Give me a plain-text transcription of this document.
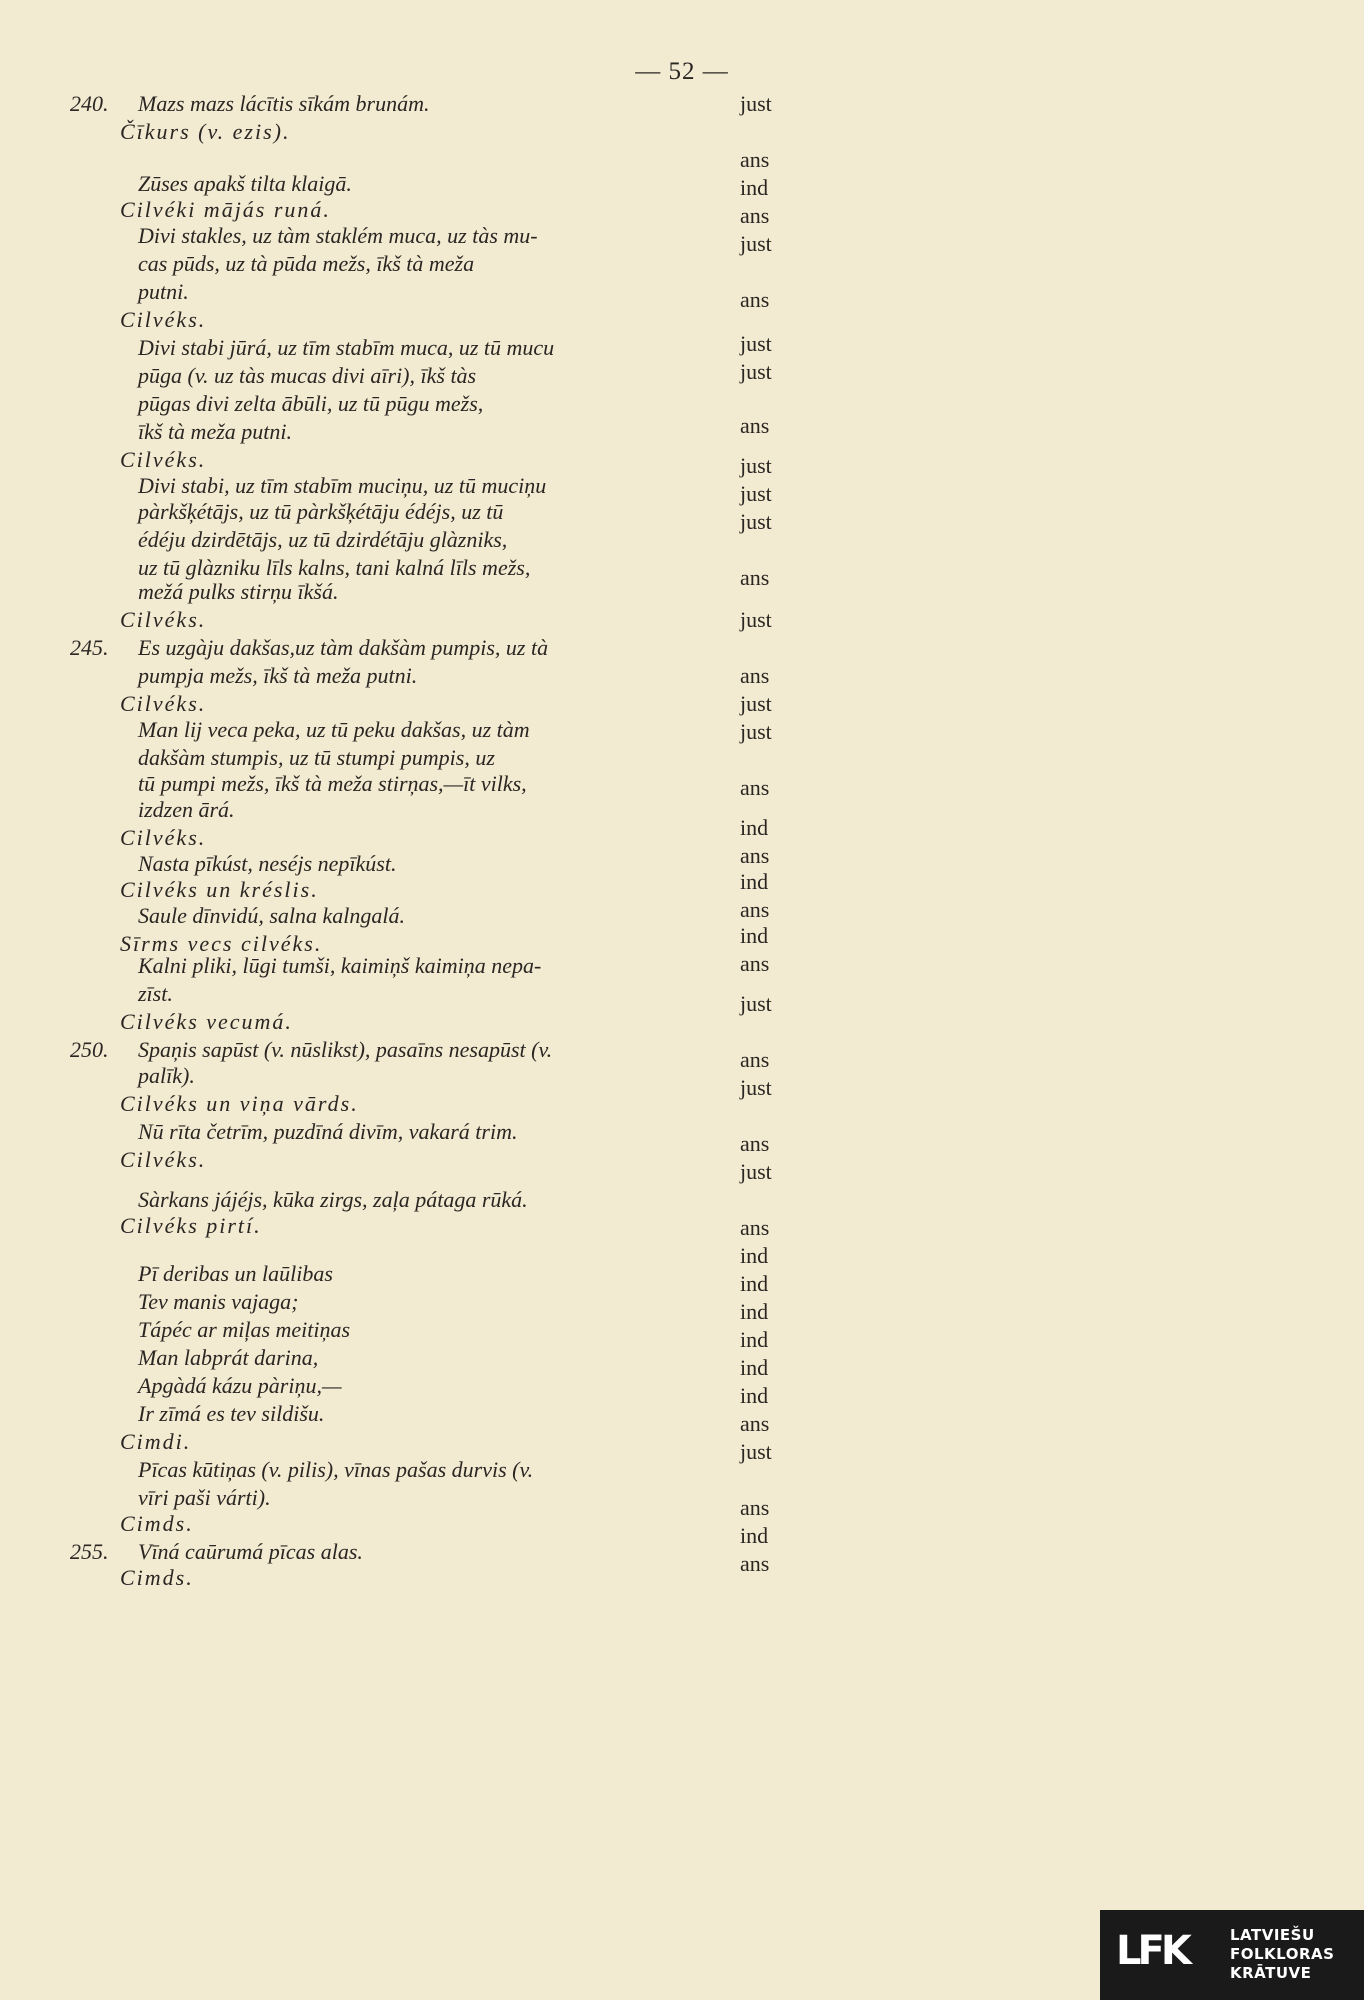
— 52 —
240. Mazs mazs lácītis sīkám brunám.
Čīkurs (v. ezis).
Zūses apakš tilta klaigā.
Cilvéki mājás runá.
Divi stakles, uz tàm staklém muca, uz tàs mu-
cas pūds, uz tà pūda mežs, īkš tà meža
putni.
Cilvéks.
Divi stabi jūrá, uz tīm stabīm muca, uz tū mucu
pūga (v. uz tàs mucas divi aīri), īkš tàs
pūgas divi zelta ābūli, uz tū pūgu mežs,
īkš tà meža putni.
Cilvéks.
Divi stabi, uz tīm stabīm muciņu, uz tū muciņu
pàrkšķétājs, uz tū pàrkšķétāju édéjs, uz tū
édéju dzirdētājs, uz tū dzirdétāju glàzniks,
uz tū glàzniku līls kalns, tani kalná līls mežs,
mežá pulks stirņu īkšá.
Cilvéks.
245. Es uzgàju dakšas,uz tàm dakšàm pumpis, uz tà
pumpja mežs, īkš tà meža putni.
Cilvéks.
Man lij veca peka, uz tū peku dakšas, uz tàm
dakšàm stumpis, uz tū stumpi pumpis, uz
tū pumpi mežs, īkš tà meža stirņas,—īt vilks,
izdzen ārá.
Cilvéks.
Nasta pīkúst, neséjs nepīkúst.
Cilvéks un kréslis.
Saule dīnvidú, salna kalngalá.
Sīrms vecs cilvéks.
Kalni pliki, lūgi tumši, kaimiņš kaimiņa nepa-
zīst.
Cilvéks vecumá.
250. Spaņis sapūst (v. nūslikst), pasaīns nesapūst (v.
palīk).
Cilvéks un viņa vārds.
Nū rīta četrīm, puzdīná divīm, vakará trim.
Cilvéks.
Sàrkans jájéjs, kūka zirgs, zaļa pátaga rūká.
Cilvéks pirtí.
Pī deribas un laūlibas
Tev manis vajaga;
Tápéc ar miļas meitiņas
Man labprát darina,
Apgàdá kázu pàriņu,—
Ir zīmá es tev sildišu.
Cimdi.
Pīcas kūtiņas (v. pilis), vīnas pašas durvis (v.
vīri paši várti).
Cimds.
255. Vīná caūrumá pīcas alas.
Cimds.
just
ans
ind
ans
just
ans
just
just
ans
just
just
just
ans
just
ans
just
just
ans
ind
ans
ind
ans
ind
ans
just
ans
just
ans
just
ans
ind
ind
ind
ind
ind
ind
ans
just
ans
ind
ans
LFK	LATVIEŠU
FOLKLORAS
KRĀTUVE
